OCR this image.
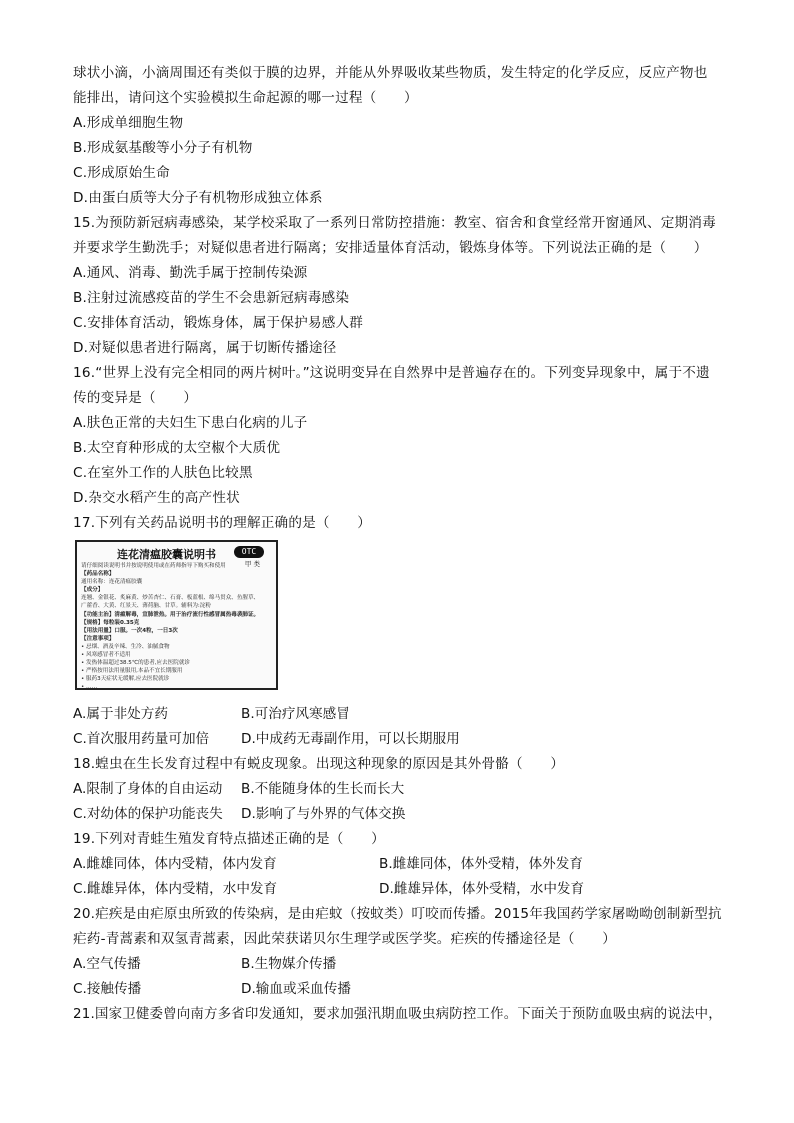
球状小滴，小滴周围还有类似于膜的边界，并能从外界吸收某些物质，发生特定的化学反应，反应产物也
能排出，请问这个实验模拟生命起源的哪一过程（　　）
A.形成单细胞生物
B.形成氨基酸等小分子有机物
C.形成原始生命
D.由蛋白质等大分子有机物形成独立体系
15.为预防新冠病毒感染，某学校采取了一系列日常防控措施：教室、宿舍和食堂经常开窗通风、定期消毒
并要求学生勤洗手；对疑似患者进行隔离；安排适量体育活动，锻炼身体等。下列说法正确的是（　　）
A.通风、消毒、勤洗手属于控制传染源
B.注射过流感疫苗的学生不会患新冠病毒感染
C.安排体育活动，锻炼身体，属于保护易感人群
D.对疑似患者进行隔离，属于切断传播途径
16.“世界上没有完全相同的两片树叶。”这说明变异在自然界中是普遍存在的。下列变异现象中，属于不遗
传的变异是（　　）
A.肤色正常的夫妇生下患白化病的儿子
B.太空育种形成的太空椒个大质优
C.在室外工作的人肤色比较黑
D.杂交水稻产生的高产性状
17.下列有关药品说明书的理解正确的是（　　）
连花清瘟胶囊说明书	OTC
甲 类
请仔细阅读说明书并按说明使用或在药师指导下购买和使用
【药品名称】
通用名称：连花清瘟胶囊
【成分】
连翘、金银花、炙麻黄、炒苦杏仁、石膏、板蓝根、绵马贯众、鱼腥草、
广藿香、大黄、红景天、薄荷脑、甘草。辅料为:淀粉
【功能主治】清瘟解毒，宣肺泄热。用于治疗流行性感冒属热毒袭肺证。
【规格】每粒装0.35克
【用法用量】口服。一次4粒，一日3次
【注意事项】
• 忌烟、酒及辛辣、生冷、油腻食物
• 风寒感冒者不适用
• 发热体温超过38.5℃的患者,应去医院就诊
• 严格按用法用量服用,本品不宜长期服用
• 服药3天症状无缓解,应去医院就诊
• ……
A.属于非处方药	B.可治疗风寒感冒
C.首次服用药量可加倍 D.中成药无毒副作用，可以长期服用
18.蝗虫在生长发育过程中有蜕皮现象。出现这种现象的原因是其外骨骼（　　）
A.限制了身体的自由运动 B.不能随身体的生长而长大
C.对幼体的保护功能丧失 D.影响了与外界的气体交换
19.下列对青蛙生殖发育特点描述正确的是（　　）
A.雌雄同体，体内受精，体内发育	B.雌雄同体，体外受精，体外发育
C.雌雄异体，体内受精，水中发育	D.雌雄异体，体外受精，水中发育
20.疟疾是由疟原虫所致的传染病，是由疟蚊（按蚊类）叮咬而传播。2015年我国药学家屠呦呦创制新型抗
疟药-青蒿素和双氢青蒿素，因此荣获诺贝尔生理学或医学奖。疟疾的传播途径是（　　）
A.空气传播	B.生物媒介传播
C.接触传播	D.输血或采血传播
21.国家卫健委曾向南方多省印发通知，要求加强汛期血吸虫病防控工作。下面关于预防血吸虫病的说法中，
